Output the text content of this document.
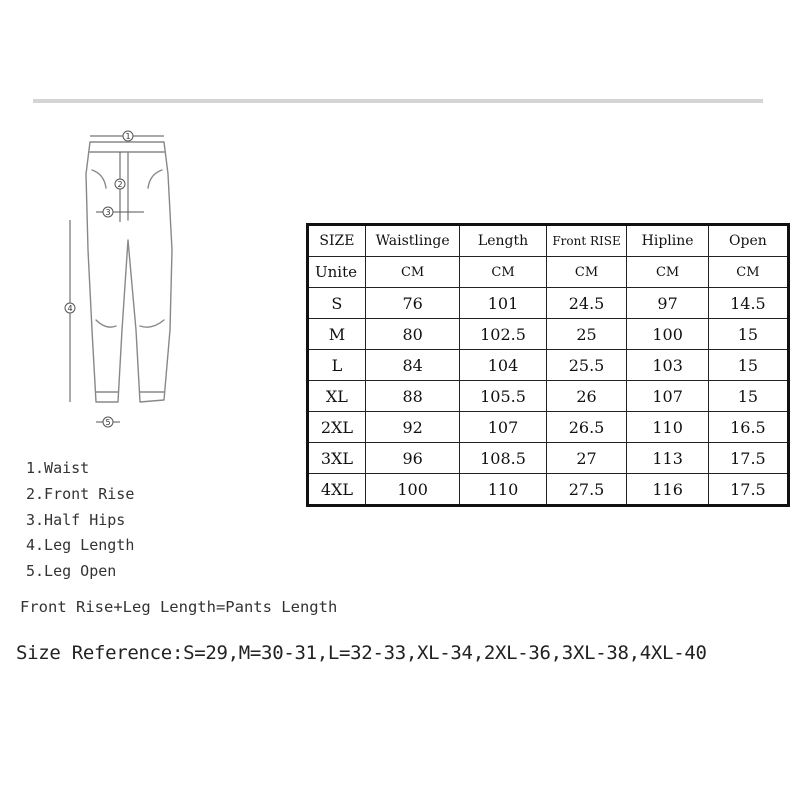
1
2
3
4
5
SIZE	Waistlinge	Length	Front RISE	Hipline	Open
Unite	CM	CM	CM	CM	CM
S	76	101	24.5	97	14.5
M	80	102.5	25	100	15
L	84	104	25.5	103	15
XL	88	105.5	26	107	15
2XL	92	107	26.5	110	16.5
3XL	96	108.5	27	113	17.5
4XL	100	110	27.5	116	17.5
1.Waist
2.Front Rise
3.Half Hips
4.Leg Length
5.Leg Open
Front Rise+Leg Length=Pants Length
Size Reference:S=29,M=30-31,L=32-33,XL-34,2XL-36,3XL-38,4XL-40
